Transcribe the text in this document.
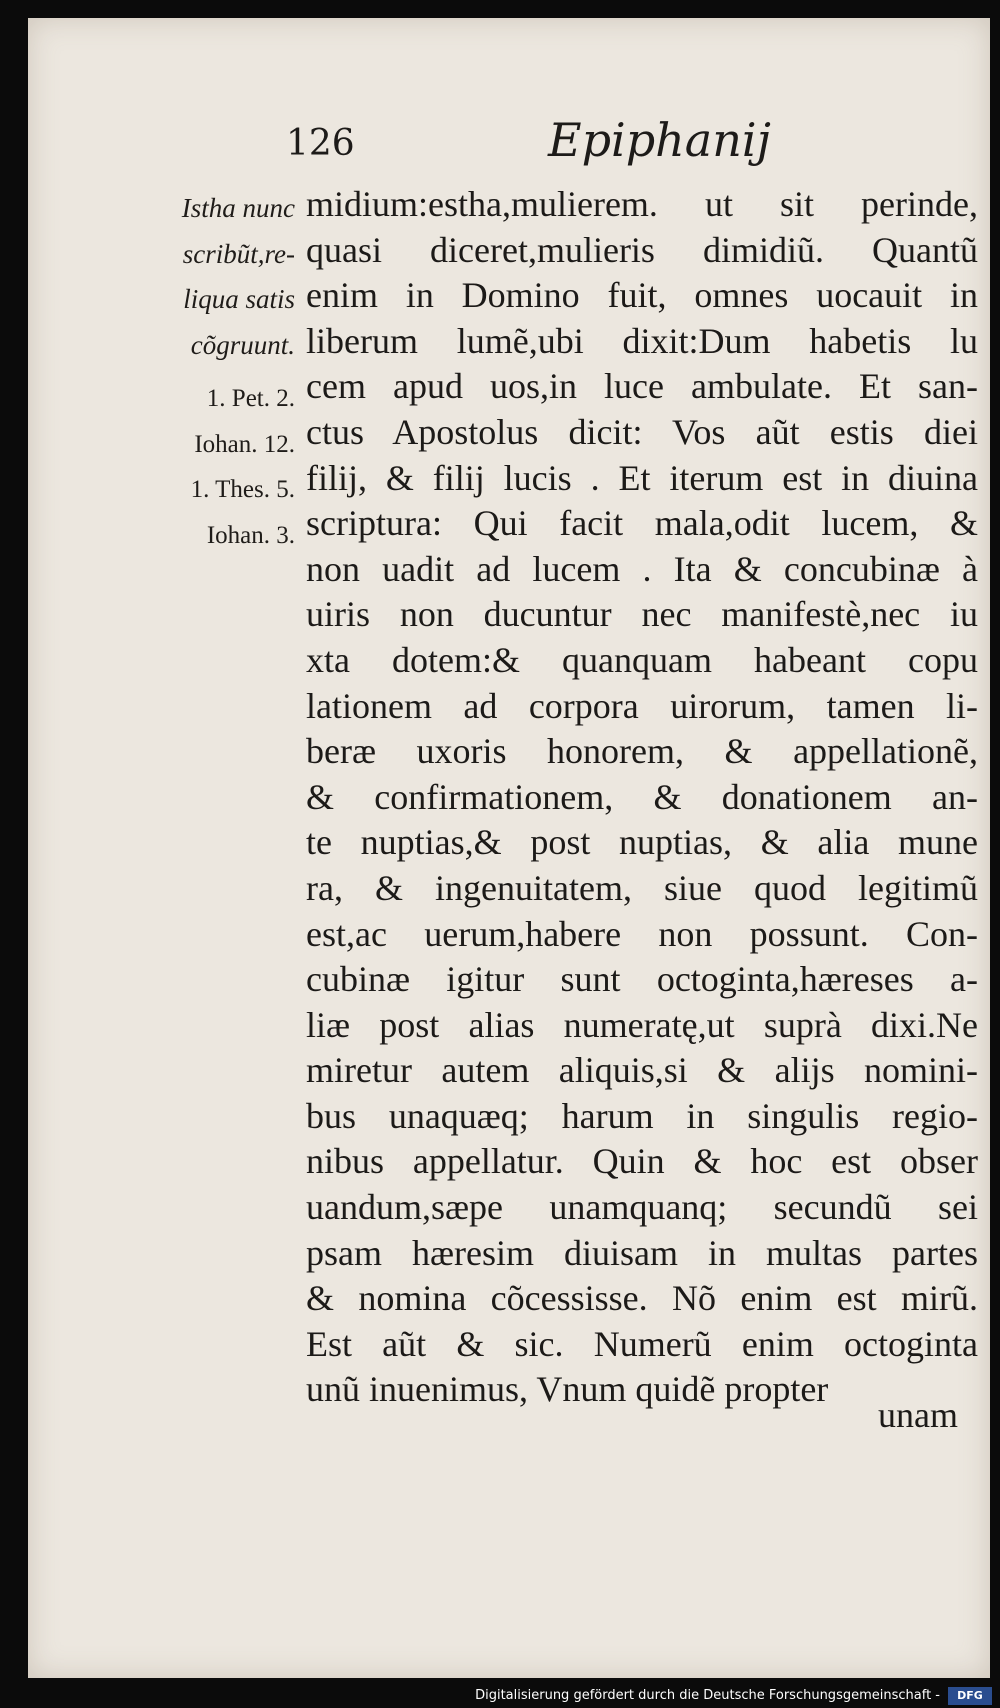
126	Epiphanij
Istha nunc
scribũt,re-
liqua satis
cõgruunt.
1. Pet. 2.
Iohan. 12.
1. Thes. 5.
Iohan. 3.
midium:estha,mulierem. ut sit perinde,
quasi diceret,mulieris dimidiũ. Quantũ
enim in Domino fuit, omnes uocauit in
liberum lumẽ,ubi dixit:Dum habetis lu
cem apud uos,in luce ambulate. Et san-
ctus Apostolus dicit: Vos aũt estis diei
filij, & filij lucis . Et iterum est in diuina
scriptura: Qui facit mala,odit lucem, &
non uadit ad lucem . Ita & concubinæ à
uiris non ducuntur nec manifestè,nec iu
xta dotem:& quanquam habeant copu
lationem ad corpora uirorum, tamen li-
beræ uxoris honorem, & appellationẽ,
& confirmationem, & donationem an-
te nuptias,& post nuptias, & alia mune
ra, & ingenuitatem, siue quod legitimũ
est,ac uerum,habere non possunt. Con-
cubinæ igitur sunt octoginta,hæreses a-
liæ post alias numeratę,ut suprà dixi.Ne
miretur autem aliquis,si & alijs nomini-
bus unaquæq; harum in singulis regio-
nibus appellatur. Quin & hoc est obser
uandum,sæpe unamquanq; secundũ sei
psam hæresim diuisam in multas partes
& nomina cõcessisse. Nõ enim est mirũ.
Est aũt & sic. Numerũ enim octoginta
unũ inuenimus, Vnum quidẽ propter
unam
Digitalisierung gefördert durch die Deutsche Forschungsgemeinschaft -	DFG
